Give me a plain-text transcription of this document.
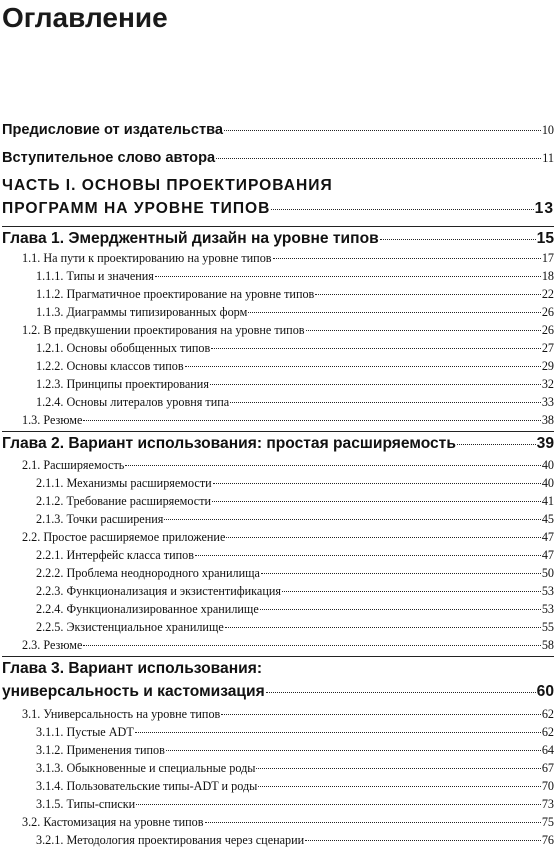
Оглавление
Предисловие от издательства	10
Вступительное слово автора	11
ЧАСТЬ I. ОСНОВЫ ПРОЕКТИРОВАНИЯ
ПРОГРАММ НА УРОВНЕ ТИПОВ	13
Глава 1. Эмерджентный дизайн на уровне типов	15
1.1. На пути к проектированию на уровне типов	17
1.1.1. Типы и значения	18
1.1.2. Прагматичное проектирование на уровне типов	22
1.1.3. Диаграммы типизированных форм	26
1.2. В предвкушении проектирования на уровне типов	26
1.2.1. Основы обобщенных типов	27
1.2.2. Основы классов типов	29
1.2.3. Принципы проектирования	32
1.2.4. Основы литералов уровня типа	33
1.3. Резюме	38
Глава 2. Вариант использования: простая расширяемость	39
2.1. Расширяемость	40
2.1.1. Механизмы расширяемости	40
2.1.2. Требование расширяемости	41
2.1.3. Точки расширения	45
2.2. Простое расширяемое приложение	47
2.2.1. Интерфейс класса типов	47
2.2.2. Проблема неоднородного хранилища	50
2.2.3. Функционализация и экзистентификация	53
2.2.4. Функционализированное хранилище	53
2.2.5. Экзистенциальное хранилище	55
2.3. Резюме	58
Глава 3. Вариант использования:
универсальность и кастомизация	60
3.1. Универсальность на уровне типов	62
3.1.1. Пустые ADT	62
3.1.2. Применения типов	64
3.1.3. Обыкновенные и специальные роды	67
3.1.4. Пользовательские типы-ADT и роды	70
3.1.5. Типы-списки	73
3.2. Кастомизация на уровне типов	75
3.2.1. Методология проектирования через сценарии	76
